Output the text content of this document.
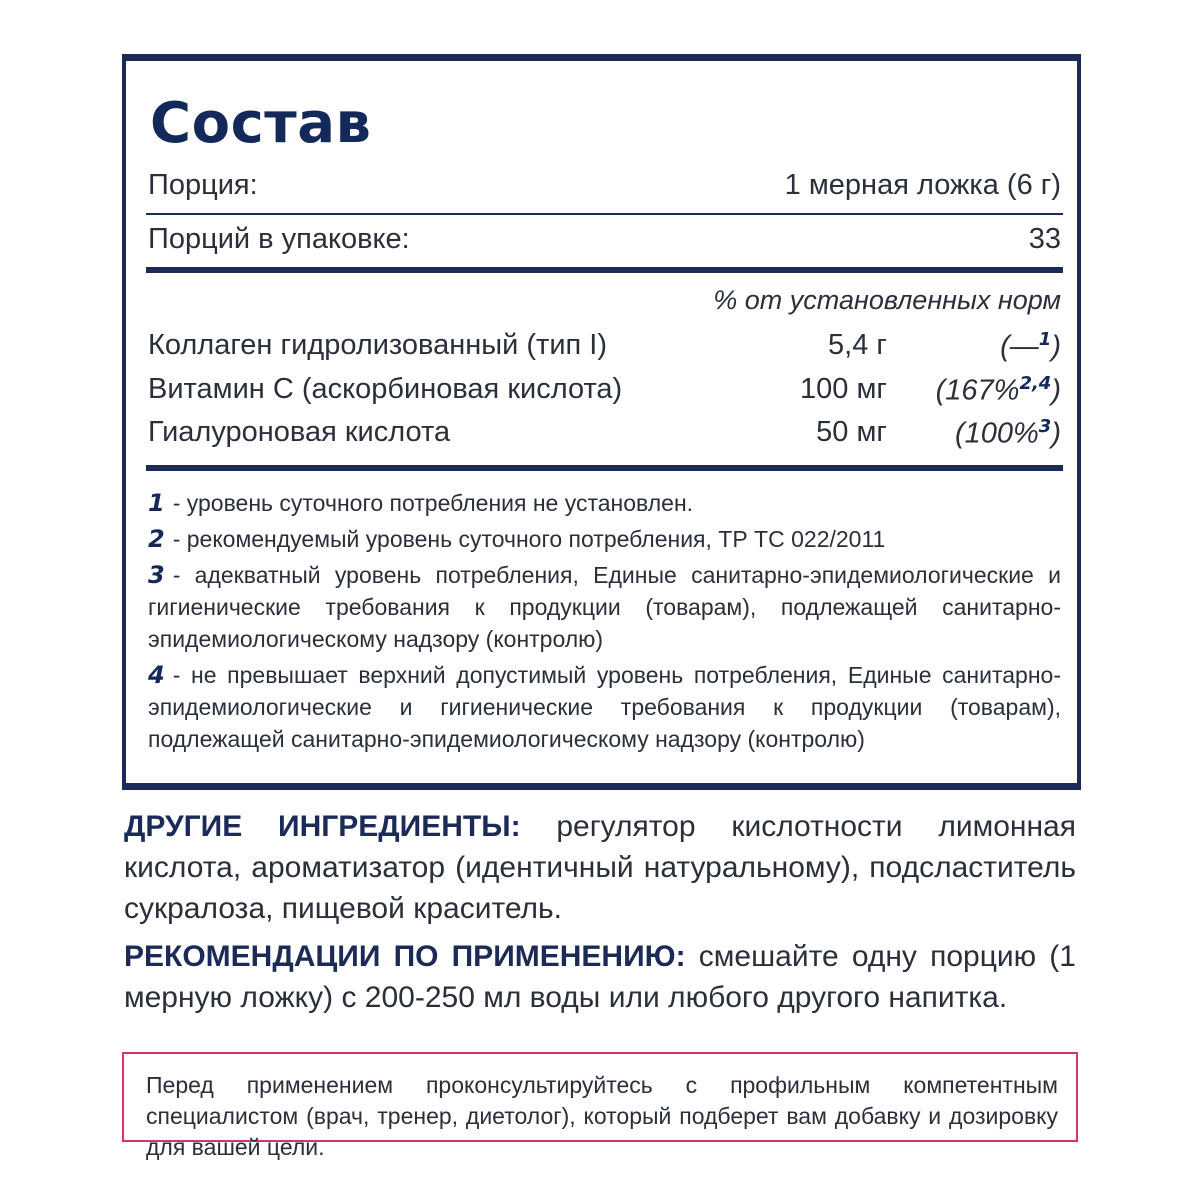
Состав
Порция:	1 мерная ложка (6 г)
Порций в упаковке:	33
% от установленных норм
Коллаген гидролизованный (тип I)	5,4 г	(—$^1$)
Витамин С (аскорбиновая кислота)	100 мг (167%$^{2,4}$)
Гиалуроновая кислота	50 мг (100%$^3$)
1 - уровень суточного потребления не установлен.
2 - рекомендуемый уровень суточного потребления, ТР ТС 022/2011
3 - адекватный уровень потребления, Единые санитарно-эпидемиологические и гигиенические требования к продукции (товарам), подлежащей санитарно-эпидемиологическому надзору (контролю)
4 - не превышает верхний допустимый уровень потребления, Единые санитарно-эпидемиологические и гигиенические требования к продукции (товарам), подлежащей санитарно-эпидемиологическому надзору (контролю)
ДРУГИЕ ИНГРЕДИЕНТЫ: регулятор кислотности лимонная кислота, ароматизатор (идентичный натуральному), подсластитель сукралоза, пищевой краситель.
РЕКОМЕНДАЦИИ ПО ПРИМЕНЕНИЮ: смешайте одну порцию (1 мерную ложку) с 200-250 мл воды или любого другого напитка.

Перед применением проконсультируйтесь с профильным компетентным специалистом (врач, тренер, диетолог), который подберет вам добавку и дозировку для вашей цели.
